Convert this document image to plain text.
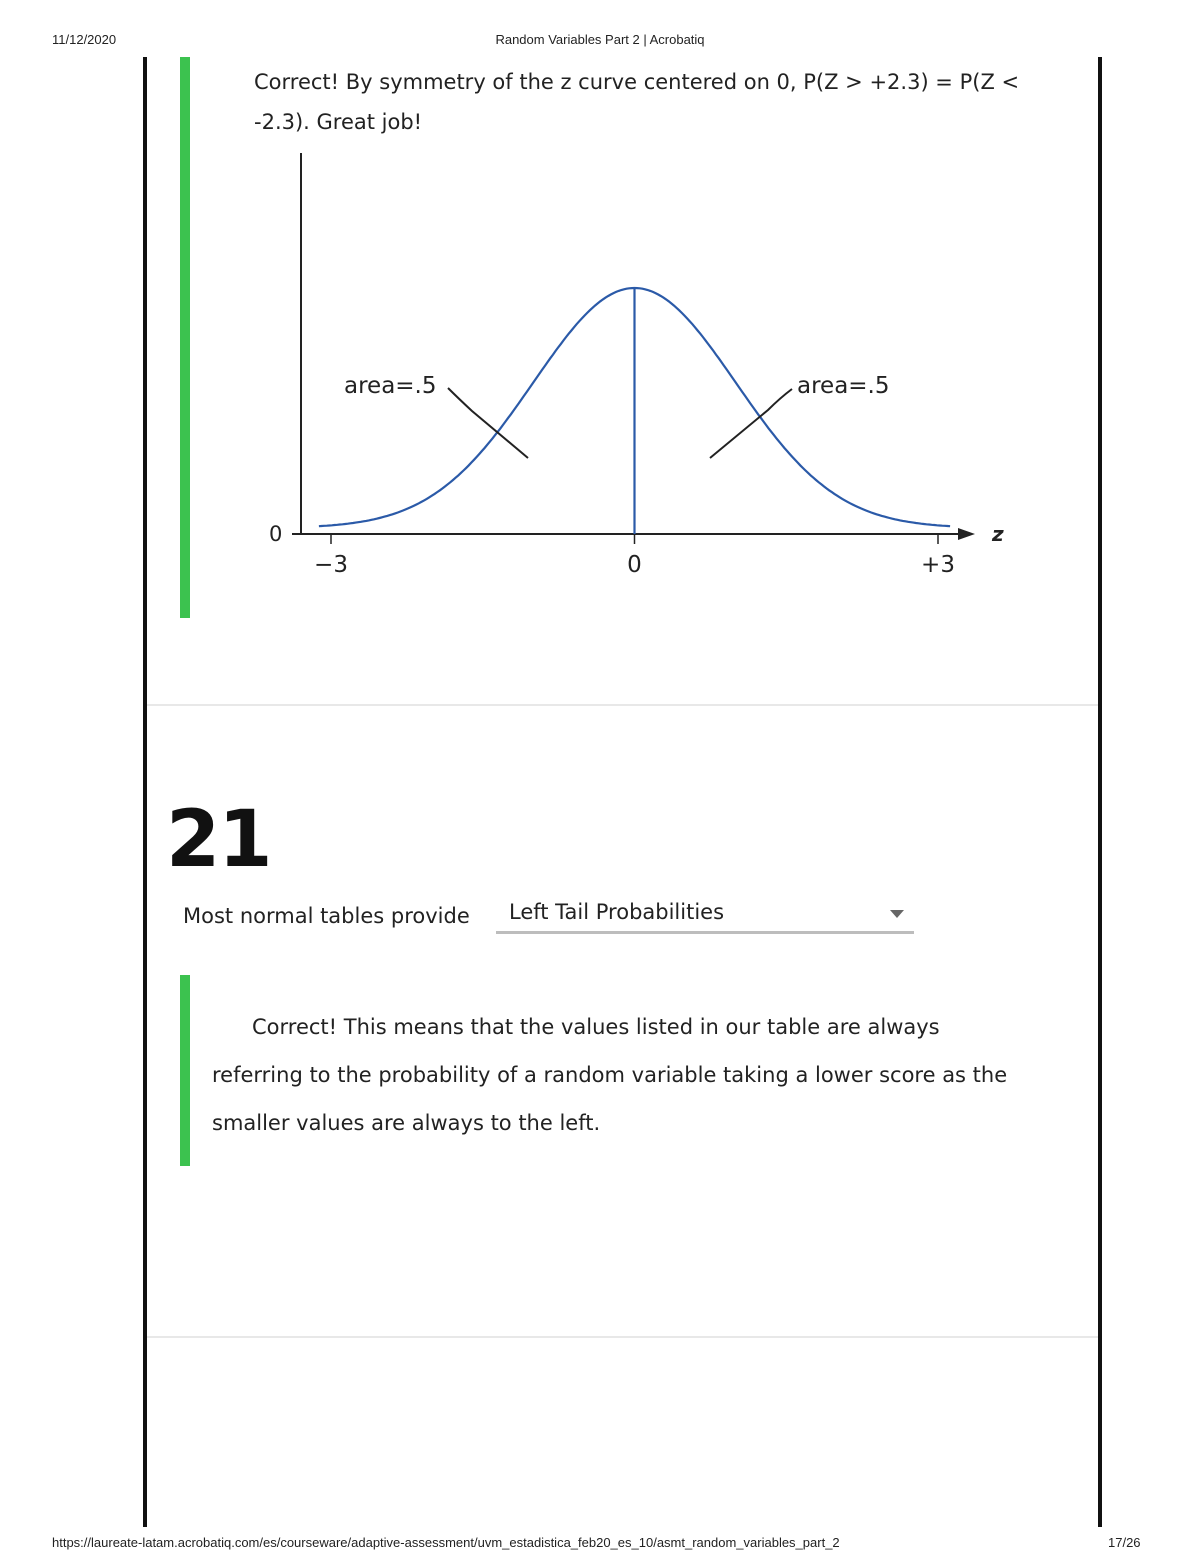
11/12/2020	Random Variables Part 2 | Acrobatiq
Correct! By symmetry of the z curve centered on 0, P(Z > +2.3) = P(Z < -2.3). Great job!
z
0
−3	0	+3
area=.5	area=.5
21
Most normal tables provide Left Tail Probabilities
Correct! This means that the values listed in our table are always referring to the probability of a random variable taking a lower score as the smaller values are always to the left.
https://laureate-latam.acrobatiq.com/es/courseware/adaptive-assessment/uvm_estadistica_feb20_es_10/asmt_random_variables_part_2	17/26
